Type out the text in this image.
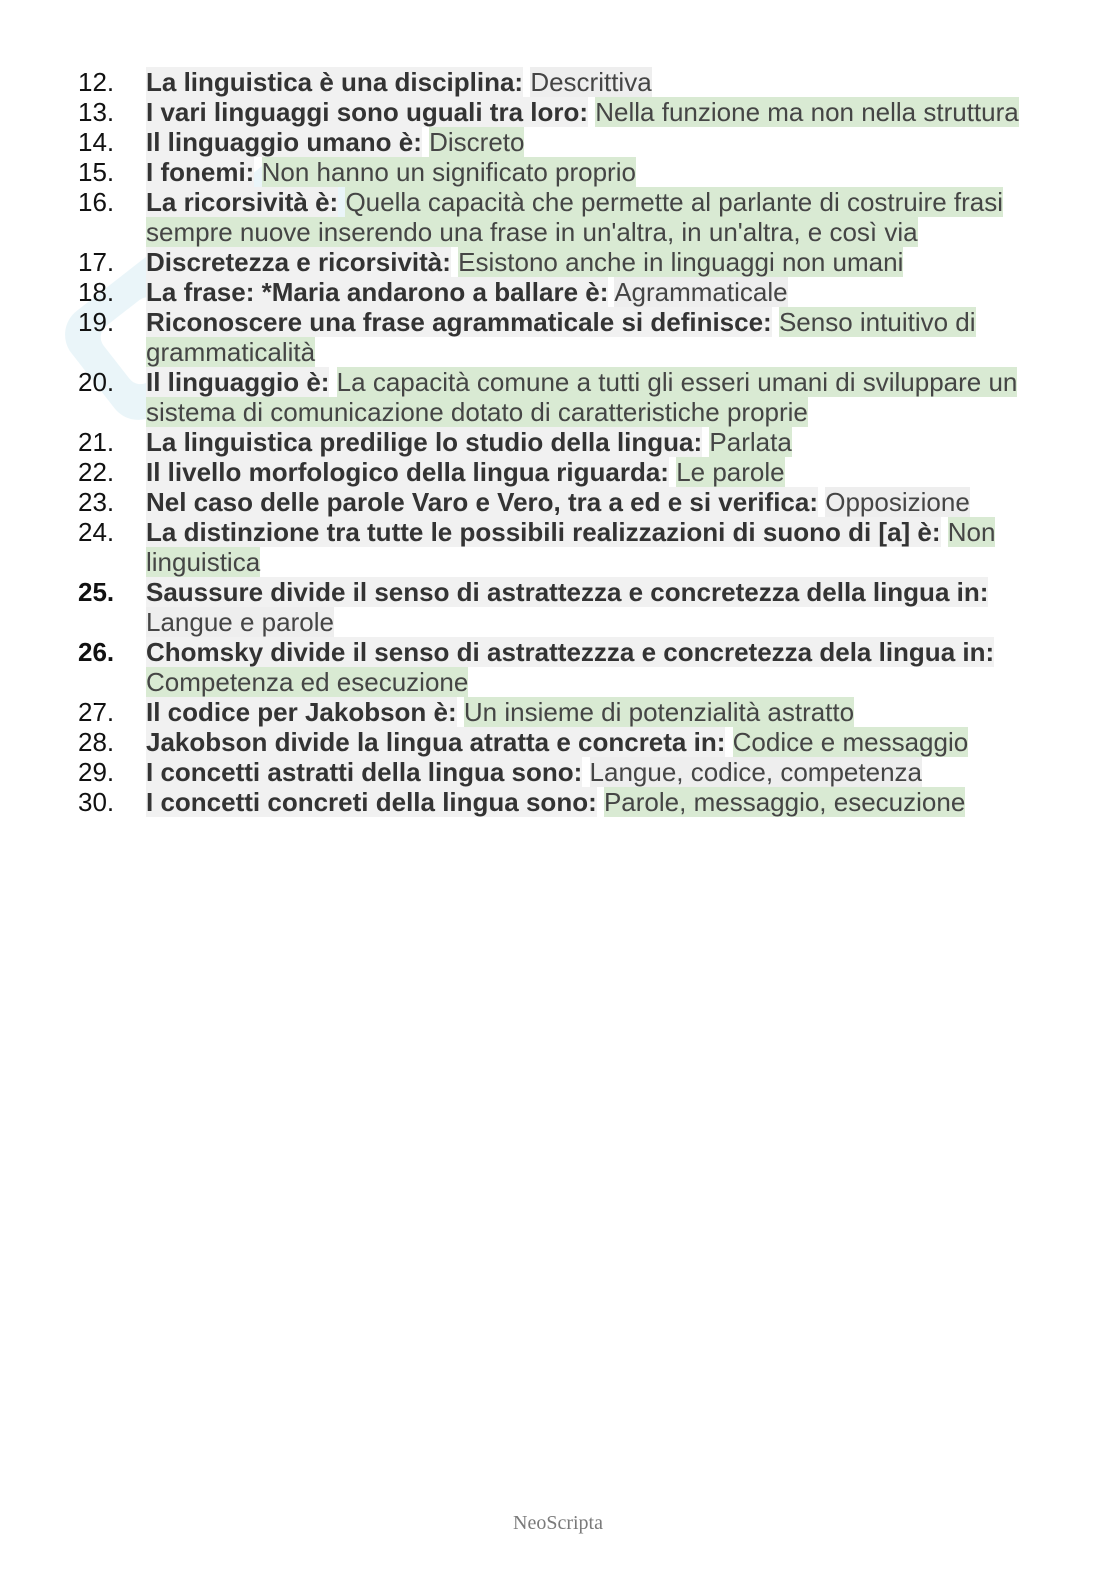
12.	La linguistica è una disciplina: Descrittiva
13.	I vari linguaggi sono uguali tra loro: Nella funzione ma non nella struttura
14.	Il linguaggio umano è: Discreto
15.	I fonemi: Non hanno un significato proprio
16.	La ricorsività è: Quella capacità che permette al parlante di costruire frasi sempre nuove inserendo una frase in un'altra, in un'altra, e così via
17.	Discretezza e ricorsività: Esistono anche in linguaggi non umani
18.	La frase: *Maria andarono a ballare è: Agrammaticale
19.	Riconoscere una frase agrammaticale si definisce: Senso intuitivo di grammaticalità
20.	Il linguaggio è: La capacità comune a tutti gli esseri umani di sviluppare un sistema di comunicazione dotato di caratteristiche proprie
21.	La linguistica predilige lo studio della lingua: Parlata
22.	Il livello morfologico della lingua riguarda: Le parole
23.	Nel caso delle parole Varo e Vero, tra a ed e si verifica: Opposizione
24.	La distinzione tra tutte le possibili realizzazioni di suono di [a] è: Non linguistica
25.	Saussure divide il senso di astrattezza e concretezza della lingua in: Langue e parole
26.	Chomsky divide il senso di astrattezzza e concretezza dela lingua in: Competenza ed esecuzione
27.	Il codice per Jakobson è: Un insieme di potenzialità astratto
28.	Jakobson divide la lingua atratta e concreta in: Codice e messaggio
29.	I concetti astratti della lingua sono: Langue, codice, competenza
30.	I concetti concreti della lingua sono: Parole, messaggio, esecuzione
NeoScripta
